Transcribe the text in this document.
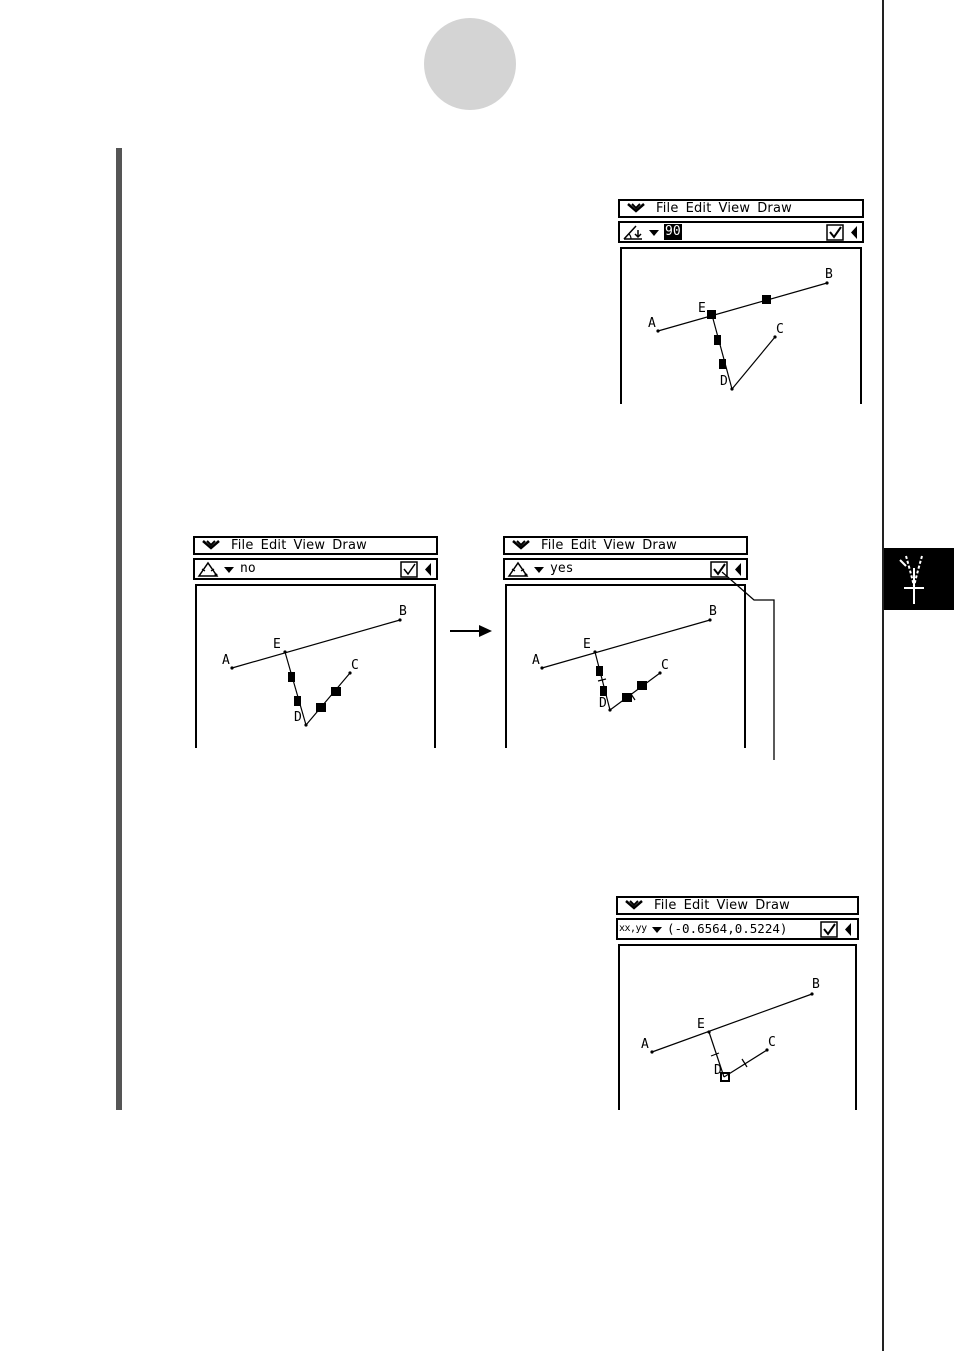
File Edit View Draw
90
A
B
C
D
E
File Edit View Draw
no
A
B
C
D
E
File Edit View Draw
yes
A
B
C
D
E
File Edit View Draw
xx,yy (-0.6564,0.5224)
A
B
C
D
E
